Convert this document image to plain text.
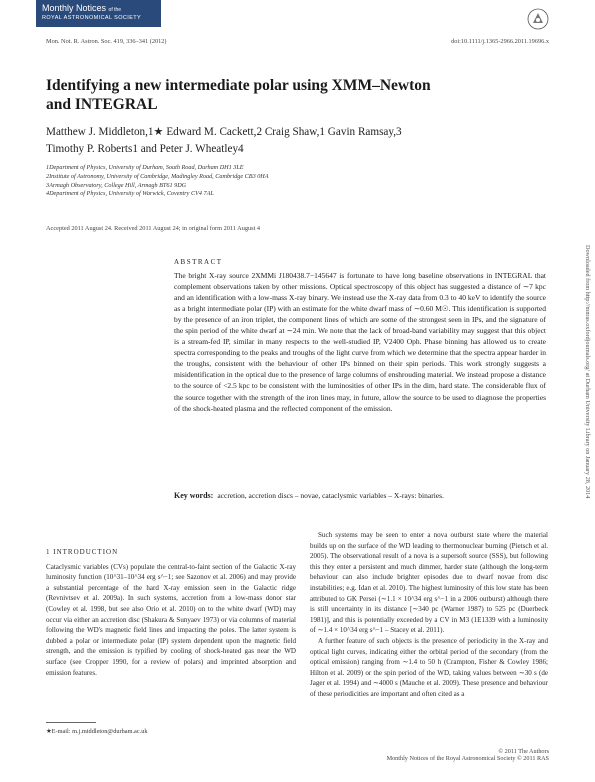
Monthly Notices of the
ROYAL ASTRONOMICAL SOCIETY
Mon. Not. R. Astron. Soc. 419, 336–341 (2012)	doi:10.1111/j.1365-2966.2011.19696.x
Identifying a new intermediate polar using XMM–Newton
and INTEGRAL
Matthew J. Middleton,1★ Edward M. Cackett,2 Craig Shaw,1 Gavin Ramsay,3
Timothy P. Roberts1 and Peter J. Wheatley4
1Department of Physics, University of Durham, South Road, Durham DH1 3LE
2Institute of Astronomy, University of Cambridge, Madingley Road, Cambridge CB3 0HA
3Armagh Observatory, College Hill, Armagh BT61 9DG
4Department of Physics, University of Warwick, Coventry CV4 7AL
Accepted 2011 August 24. Received 2011 August 24; in original form 2011 August 4
ABSTRACT
The bright X-ray source 2XMMi J180438.7−145647 is fortunate to have long baseline observations in INTEGRAL that complement observations taken by other missions. Optical spectroscopy of this object has suggested a distance of ∼7 kpc and an identification with a low-mass X-ray binary. We instead use the X-ray data from 0.3 to 40 keV to identify the source as a bright intermediate polar (IP) with an estimate for the white dwarf mass of ∼0.60 M☉. This identification is supported by the presence of an iron triplet, the component lines of which are some of the strongest seen in IPs, and the signature of the spin period of the white dwarf at ∼24 min. We note that the lack of broad-band variability may suggest that this object is a stream-fed IP, similar in many respects to the well-studied IP, V2400 Oph. Phase binning has allowed us to create spectra corresponding to the peaks and troughs of the light curve from which we determine that the spectra appear harder in the troughs, consistent with the behaviour of other IPs binned on their spin periods. This work strongly suggests a misidentification in the optical due to the presence of large columns of enshrouding material. We instead propose a distance to the source of <2.5 kpc to be consistent with the luminosities of other IPs in the dim, hard state. The considerable flux of the source together with the strength of the iron lines may, in future, allow the source to be used to diagnose the properties of the shock-heated plasma and the reflected component of the emission.
Key words: accretion, accretion discs – novae, cataclysmic variables – X-rays: binaries.
1 INTRODUCTION

Cataclysmic variables (CVs) populate the central-to-faint section of the Galactic X-ray luminosity function (10^31–10^34 erg s^−1; see Sazonov et al. 2006) and may provide a substantial percentage of the hard X-ray emission seen in the Galactic ridge (Revnivtsev et al. 2009a). In such systems, accretion from a low-mass donor star (Cowley et al. 1998, but see also Orio et al. 2010) on to the white dwarf (WD) may occur via either an accretion disc (Shakura & Sunyaev 1973) or via columns of material following the WD's magnetic field lines and impacting the poles. The latter system is dubbed a polar or intermediate polar (IP) system dependent upon the magnetic field strength, and the emission is typified by cooling of shock-heated gas near the WD surface (see Cropper 1990, for a review of polars) and imprinted absorption and emission features.

Such systems may be seen to enter a nova outburst state where the material builds up on the surface of the WD leading to thermonuclear burning (Pietsch et al. 2005). The observational result of a nova is a supersoft source (SSS), but following this they enter a persistent and much dimmer, harder state (although the long-term behaviour can also include brighter episodes due to dwarf novae from disc instabilities; e.g. Idan et al. 2010). The highest luminosity of this low state has been attributed to GK Persei (∼1.1 × 10^34 erg s^−1 in a 2006 outburst) although there is still uncertainty in its distance [∼340 pc (Warner 1987) to 525 pc (Duerbeck 1981)], and this is potentially exceeded by a CV in M3 (1E1339 with a luminosity of ∼1.4 × 10^34 erg s^−1 – Stacey et al. 2011).

A further feature of such objects is the presence of periodicity in the X-ray and optical light curves, indicating either the orbital period of the secondary (from the optical emission) ranging from ∼1.4 to 50 h (Crampton, Fisher & Cowley 1986; Hilton et al. 2009) or the spin period of the WD, taking values between ∼30 s (de Jager et al. 1994) and ∼4000 s (Mauche et al. 2009). These presence and behaviour of these periodicities are important and often cited as a

★E-mail: m.j.middleton@durham.ac.uk
© 2011 The Authors
Monthly Notices of the Royal Astronomical Society © 2011 RAS
Downloaded from http://mnras.oxfordjournals.org/ at Durham University Library on January 28, 2014
